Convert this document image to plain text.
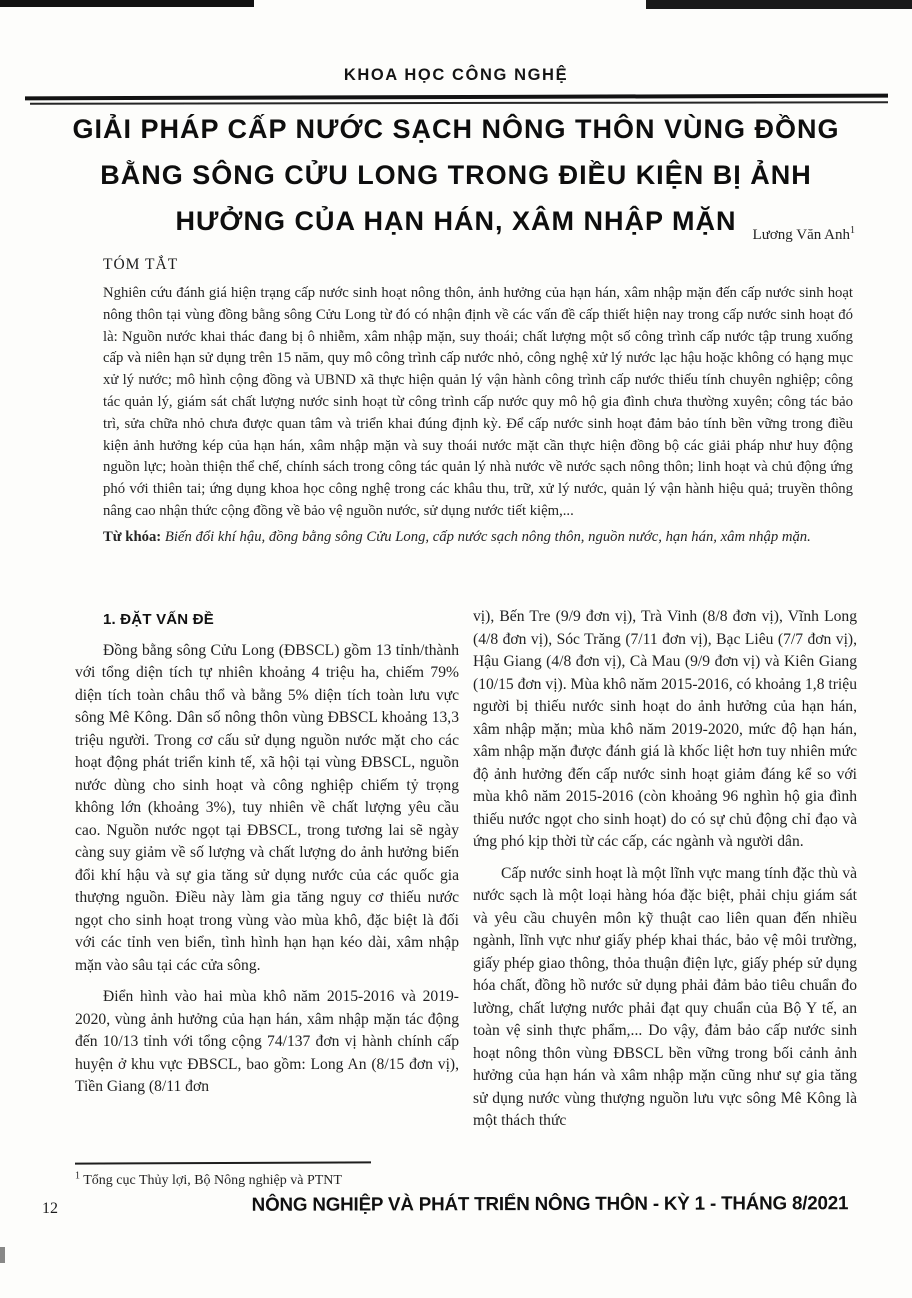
KHOA HỌC CÔNG NGHỆ
GIẢI PHÁP CẤP NƯỚC SẠCH NÔNG THÔN VÙNG ĐỒNG
BẰNG SÔNG CỬU LONG TRONG ĐIỀU KIỆN BỊ ẢNH
HƯỞNG CỦA HẠN HÁN, XÂM NHẬP MẶN	Lương Văn Anh$^1$
TÓM TẮT

Nghiên cứu đánh giá hiện trạng cấp nước sinh hoạt nông thôn, ảnh hưởng của hạn hán, xâm nhập mặn đến cấp nước sinh hoạt nông thôn tại vùng đồng bằng sông Cửu Long từ đó có nhận định về các vấn đề cấp thiết hiện nay trong cấp nước sinh hoạt đó là: Nguồn nước khai thác đang bị ô nhiễm, xâm nhập mặn, suy thoái; chất lượng một số công trình cấp nước tập trung xuống cấp và niên hạn sử dụng trên 15 năm, quy mô công trình cấp nước nhỏ, công nghệ xử lý nước lạc hậu hoặc không có hạng mục xử lý nước; mô hình cộng đồng và UBND xã thực hiện quản lý vận hành công trình cấp nước thiếu tính chuyên nghiệp; công tác quản lý, giám sát chất lượng nước sinh hoạt từ công trình cấp nước quy mô hộ gia đình chưa thường xuyên; công tác bảo trì, sửa chữa nhỏ chưa được quan tâm và triển khai đúng định kỳ. Để cấp nước sinh hoạt đảm bảo tính bền vững trong điều kiện ảnh hưởng kép của hạn hán, xâm nhập mặn và suy thoái nước mặt cần thực hiện đồng bộ các giải pháp như huy động nguồn lực; hoàn thiện thể chế, chính sách trong công tác quản lý nhà nước về nước sạch nông thôn; linh hoạt và chủ động ứng phó với thiên tai; ứng dụng khoa học công nghệ trong các khâu thu, trữ, xử lý nước, quản lý vận hành hiệu quả; truyền thông nâng cao nhận thức cộng đồng về bảo vệ nguồn nước, sử dụng nước tiết kiệm,...

Từ khóa: Biến đổi khí hậu, đồng bằng sông Cửu Long, cấp nước sạch nông thôn, nguồn nước, hạn hán, xâm nhập mặn.

1. ĐẶT VẤN ĐỀ

Đồng bằng sông Cửu Long (ĐBSCL) gồm 13 tỉnh/thành với tổng diện tích tự nhiên khoảng 4 triệu ha, chiếm 79% diện tích toàn châu thổ và bằng 5% diện tích toàn lưu vực sông Mê Kông. Dân số nông thôn vùng ĐBSCL khoảng 13,3 triệu người. Trong cơ cấu sử dụng nguồn nước mặt cho các hoạt động phát triển kinh tế, xã hội tại vùng ĐBSCL, nguồn nước dùng cho sinh hoạt và công nghiệp chiếm tỷ trọng không lớn (khoảng 3%), tuy nhiên về chất lượng yêu cầu cao. Nguồn nước ngọt tại ĐBSCL, trong tương lai sẽ ngày càng suy giảm về số lượng và chất lượng do ảnh hưởng biến đổi khí hậu và sự gia tăng sử dụng nước của các quốc gia thượng nguồn. Điều này làm gia tăng nguy cơ thiếu nước ngọt cho sinh hoạt trong vùng vào mùa khô, đặc biệt là đối với các tỉnh ven biển, tình hình hạn hạn kéo dài, xâm nhập mặn vào sâu tại các cửa sông.

Điển hình vào hai mùa khô năm 2015-2016 và 2019-2020, vùng ảnh hưởng của hạn hán, xâm nhập mặn tác động đến 10/13 tỉnh với tổng cộng 74/137 đơn vị hành chính cấp huyện ở khu vực ĐBSCL, bao gồm: Long An (8/15 đơn vị), Tiền Giang (8/11 đơn

$^1$ Tổng cục Thủy lợi, Bộ Nông nghiệp và PTNT

vị), Bến Tre (9/9 đơn vị), Trà Vinh (8/8 đơn vị), Vĩnh Long (4/8 đơn vị), Sóc Trăng (7/11 đơn vị), Bạc Liêu (7/7 đơn vị), Hậu Giang (4/8 đơn vị), Cà Mau (9/9 đơn vị) và Kiên Giang (10/15 đơn vị). Mùa khô năm 2015-2016, có khoảng 1,8 triệu người bị thiếu nước sinh hoạt do ảnh hưởng của hạn hán, xâm nhập mặn; mùa khô năm 2019-2020, mức độ hạn hán, xâm nhập mặn được đánh giá là khốc liệt hơn tuy nhiên mức độ ảnh hưởng đến cấp nước sinh hoạt giảm đáng kể so với mùa khô năm 2015-2016 (còn khoảng 96 nghìn hộ gia đình thiếu nước ngọt cho sinh hoạt) do có sự chủ động chỉ đạo và ứng phó kịp thời từ các cấp, các ngành và người dân.

Cấp nước sinh hoạt là một lĩnh vực mang tính đặc thù và nước sạch là một loại hàng hóa đặc biệt, phải chịu giám sát và yêu cầu chuyên môn kỹ thuật cao liên quan đến nhiều ngành, lĩnh vực như giấy phép khai thác, bảo vệ môi trường, giấy phép giao thông, thỏa thuận điện lực, giấy phép sử dụng hóa chất, đồng hồ nước sử dụng phải đảm bảo tiêu chuẩn đo lường, chất lượng nước phải đạt quy chuẩn của Bộ Y tế, an toàn vệ sinh thực phẩm,... Do vậy, đảm bảo cấp nước sinh hoạt nông thôn vùng ĐBSCL bền vững trong bối cảnh ảnh hưởng của hạn hán và xâm nhập mặn cũng như sự gia tăng sử dụng nước vùng thượng nguồn lưu vực sông Mê Kông là một thách thức

12	NÔNG NGHIỆP VÀ PHÁT TRIỂN NÔNG THÔN - KỲ 1 - THÁNG 8/2021
